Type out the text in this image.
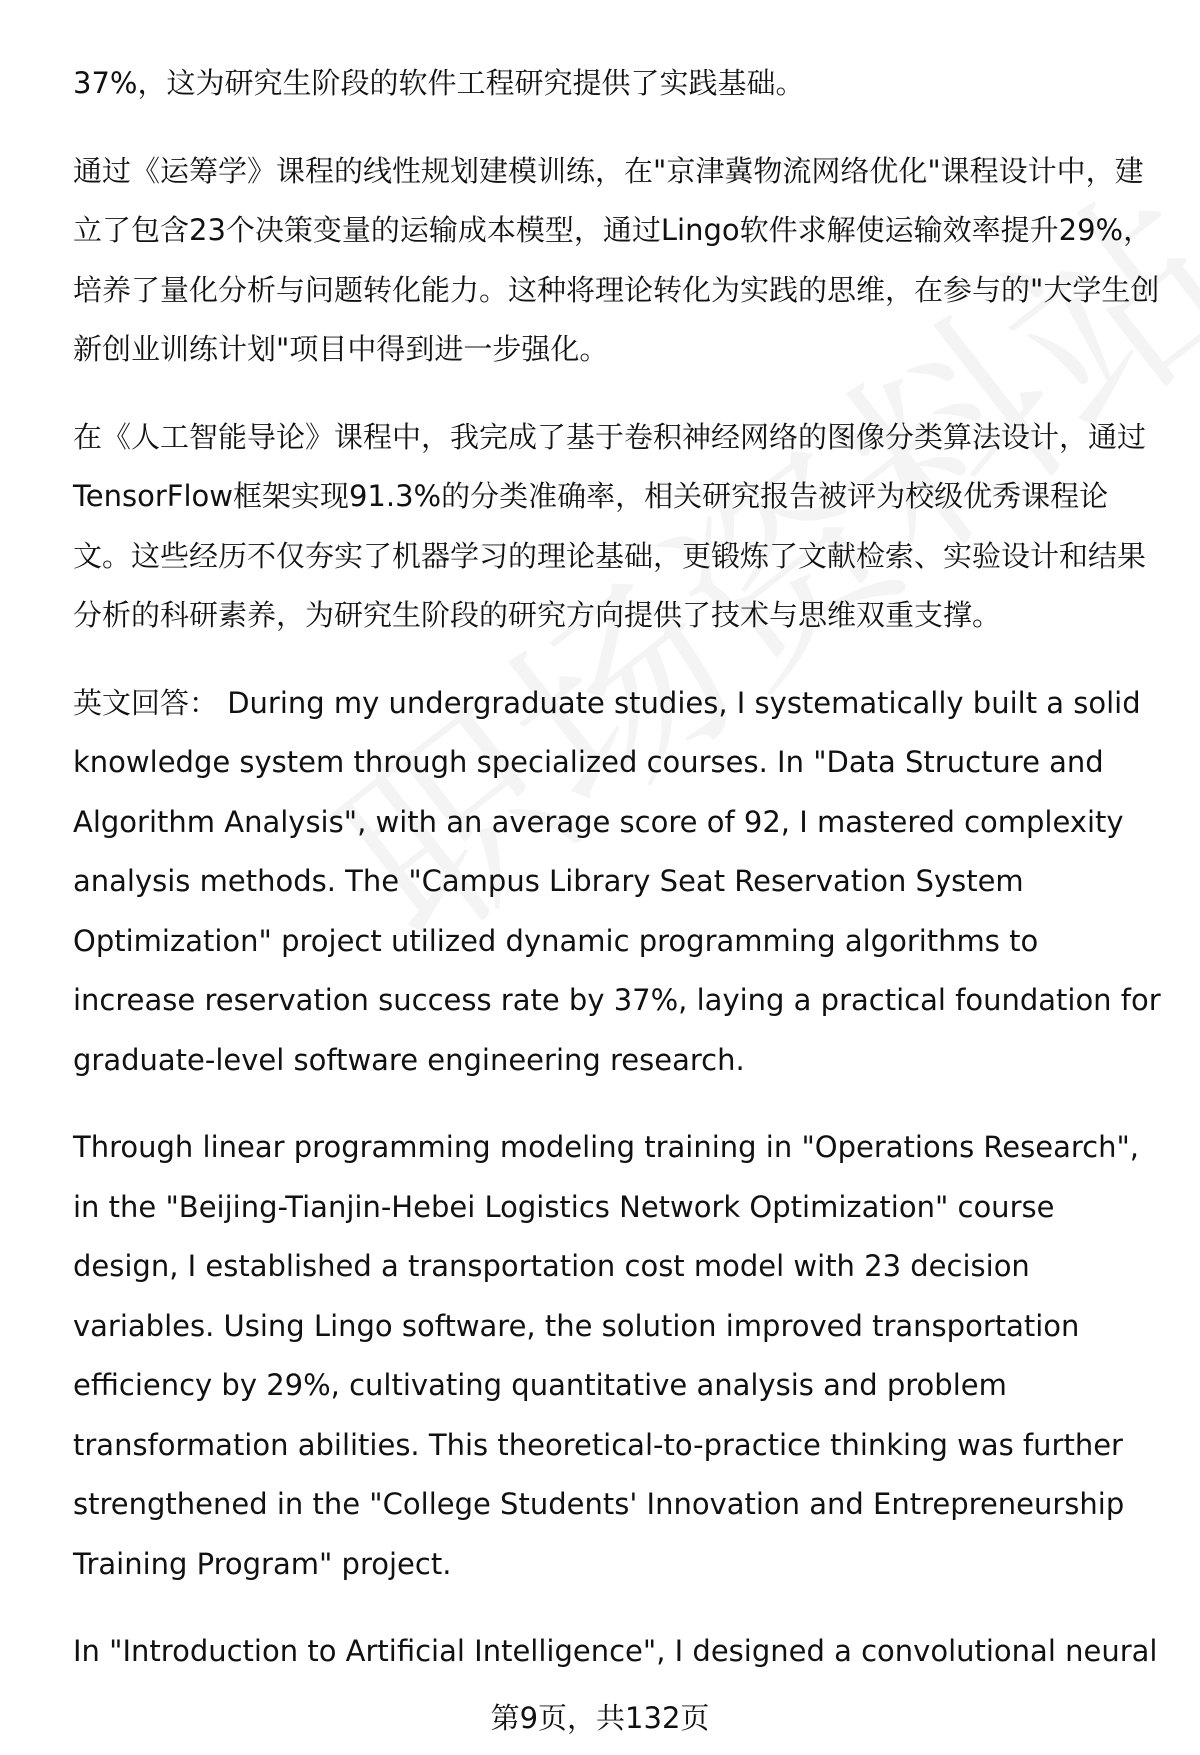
37%，这为研究生阶段的软件工程研究提供了实践基础。

通过《运筹学》课程的线性规划建模训练，在"京津冀物流网络优化"课程设计中，建立了包含23个决策变量的运输成本模型，通过Lingo软件求解使运输效率提升29%，培养了量化分析与问题转化能力。这种将理论转化为实践的思维，在参与的"大学生创新创业训练计划"项目中得到进一步强化。

在《人工智能导论》课程中，我完成了基于卷积神经网络的图像分类算法设计，通过TensorFlow框架实现91.3%的分类准确率，相关研究报告被评为校级优秀课程论文。这些经历不仅夯实了机器学习的理论基础，更锻炼了文献检索、实验设计和结果分析的科研素养，为研究生阶段的研究方向提供了技术与思维双重支撑。

英文回答： During my undergraduate studies, I systematically built a solid knowledge system through specialized courses. In "Data Structure and Algorithm Analysis", with an average score of 92, I mastered complexity analysis methods. The "Campus Library Seat Reservation System Optimization" project utilized dynamic programming algorithms to increase reservation success rate by 37%, laying a practical foundation for graduate-level software engineering research.

Through linear programming modeling training in "Operations Research", in the "Beijing-Tianjin-Hebei Logistics Network Optimization" course design, I established a transportation cost model with 23 decision variables. Using Lingo software, the solution improved transportation efficiency by 29%, cultivating quantitative analysis and problem transformation abilities. This theoretical-to-practice thinking was further strengthened in the "College Students' Innovation and Entrepreneurship Training Program" project.

In "Introduction to Artificial Intelligence", I designed a convolutional neural

第9页，共132页
